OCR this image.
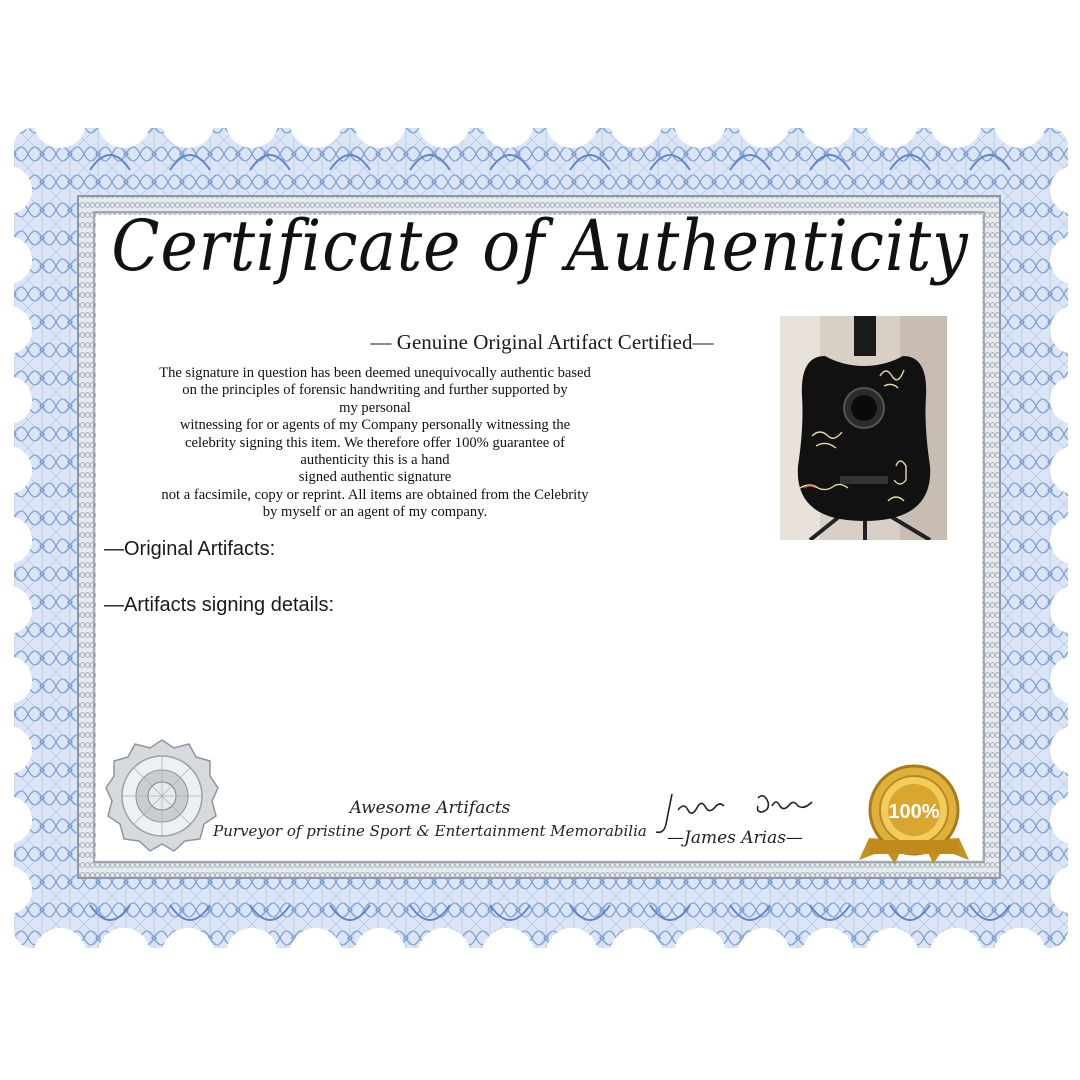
Certificate of Authenticity
— Genuine Original Artifact Certified—
The signature in question has been deemed unequivocally authentic based
on the principles of forensic handwriting and further supported by
my personal
witnessing for or agents of my Company personally witnessing the
celebrity signing this item. We therefore offer 100% guarantee of
authenticity this is a hand
signed authentic signature
not a facsimile, copy or reprint. All items are obtained from the Celebrity
by myself or an agent of my company.
—Original Artifacts:
—Artifacts signing details:
Awesome Artifacts
Purveyor of pristine Sport & Entertainment Memorabilia	—James Arias—
100%
